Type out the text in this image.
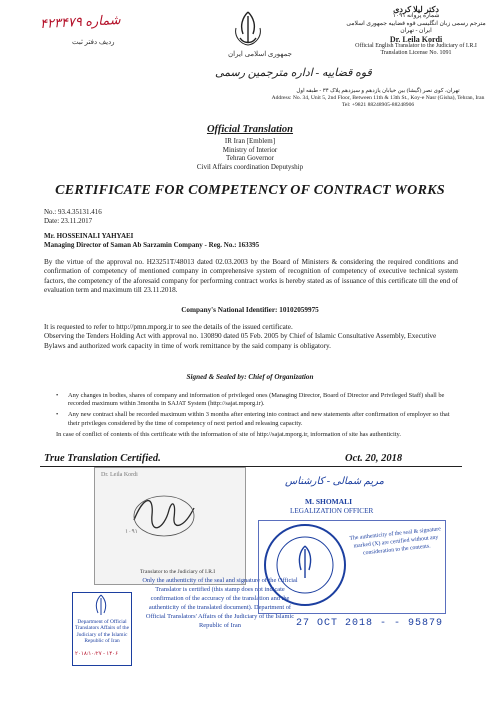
شماره ۴۲۳۴۷۹
ردیف دفتر ثبت
جمهوری اسلامی ایران
قوه قضاییه - اداره مترجمین رسمی
دکتر لیلا کردی
شماره پروانه ۱۰۹۱
مترجم رسمی زبان انگلیسی قوه قضاییه جمهوری اسلامی ایران - تهران
Dr. Leila Kordi
Official English Translator to the Judiciary of I.R.I
Translation License No. 1091
تهران، کوی نصر (گیشا) بین خیابان یازدهم و سیزدهم پلاک ۳۴ - طبقه اول
Address: No. 34, Unit 5, 2nd Floor, Between 11th & 13th St., Koy-e Nasr (Gisha), Tehran, Iran
Tel: +9821 88248905-88248906
Official Translation
IR Iran [Emblem]
Ministry of Interior
Tehran Governor
Civil Affairs coordination Deputyship
CERTIFICATE FOR COMPETENCY OF CONTRACT WORKS
No.: 93.4.35131.416
Date: 23.11.2017
Mr. HOSSEINALI YAHYAEI
Managing Director of Saman Ab Sarzamin Company - Reg. No.: 163395
By the virtue of the approval no. H23251T/48013 dated 02.03.2003 by the Board of Ministers & considering the required conditions and confirmation of competency of mentioned company in comprehensive system of recognition of competency of executive technical system factors, the competency of the aforesaid company for performing contract works is hereby stated as of issuance of this certificate till the end of evaluation term and maximum till 23.11.2018.
Company's National Identifier: 10102059975
It is requested to refer to http://pmn.mporg.ir to see the details of the issued certificate.
Observing the Tenders Holding Act with approval no. 130890 dated 05 Feb. 2005 by Chief of Islamic Consultative Assembly, Executive Bylaws and authorized work capacity in time of work remittance by the said company is obligatory.
Signed & Sealed by: Chief of Organization
• Any changes in bodies, shares of company and information of privileged ones (Managing Director, Board of Director and Privileged Staff) shall be recorded maximum within 3months in SAJAT System (http://sajat.mporg.ir).
• Any new contract shall be recorded maximum within 3 months after entering into contract and new statements after confirmation of employer so that their privileges considered by the time of competency of next period and releasing capacity.
In case of conflict of contents of this certificate with the information of site of http://sajat.mporg.ir, information of site has authenticity.
True Translation Certified.	Oct. 20, 2018
Dr. Leila Kordi
۱۰۹۱
Translator to the Judiciary of I.R.I
Department of Official Translators Affairs of the Judiciary of the Islamic Republic of Iran
۲۰۱۸/۱۰/۲۷ - ۱۴۰۶
Only the authenticity of the seal and signature of the Official Translator is certified (this stamp does not indicate confirmation of the accuracy of the translation and the authenticity of the translated document). Department of Official Translators' Affairs of the Judiciary of the Islamic Republic of Iran
مریم شمالی - کارشناس
M. SHOMALI
LEGALIZATION OFFICER
The authenticity of the seal & signature marked (X) are certified without any consideration to the contents.
27 OCT 2018 - - 95879
